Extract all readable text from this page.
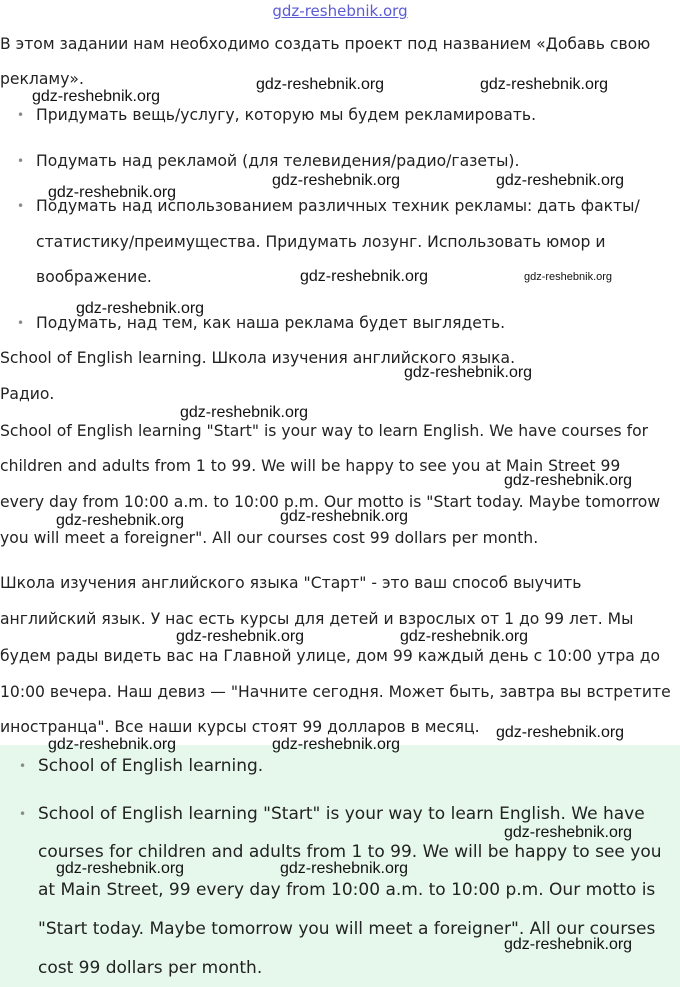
gdz-reshebnik.org
В этом задании нам необходимо создать проект под названием «Добавь свою
рекламу».
• Придумать вещь/услугу, которую мы будем рекламировать.
• Подумать над рекламой (для телевидения/радио/газеты).
• Подумать над использованием различных техник рекламы: дать факты/
статистику/преимущества. Придумать лозунг. Использовать юмор и
воображение.
• Подумать, над тем, как наша реклама будет выглядеть.
School of English learning. Школа изучения английского языка.
Радио.
School of English learning "Start" is your way to learn English. We have courses for
children and adults from 1 to 99. We will be happy to see you at Main Street 99
every day from 10:00 a.m. to 10:00 p.m. Our motto is "Start today. Maybe tomorrow
you will meet a foreigner". All our courses cost 99 dollars per month.
Школа изучения английского языка "Старт" - это ваш способ выучить
английский язык. У нас есть курсы для детей и взрослых от 1 до 99 лет. Мы
будем рады видеть вас на Главной улице, дом 99 каждый день с 10:00 утра до
10:00 вечера. Наш девиз — "Начните сегодня. Может быть, завтра вы встретите
иностранца". Все наши курсы стоят 99 долларов в месяц.
• School of English learning.
• School of English learning "Start" is your way to learn English. We have
courses for children and adults from 1 to 99. We will be happy to see you
at Main Street, 99 every day from 10:00 a.m. to 10:00 p.m. Our motto is
"Start today. Maybe tomorrow you will meet a foreigner". All our courses
cost 99 dollars per month.
gdz-reshebnik.org	gdz-reshebnik.org
gdz-reshebnik.org
gdz-reshebnik.org	gdz-reshebnik.org
gdz-reshebnik.org
gdz-reshebnik.org	gdz-reshebnik.org
gdz-reshebnik.org
gdz-reshebnik.org
gdz-reshebnik.org
gdz-reshebnik.org
gdz-reshebnik.org	gdz-reshebnik.org
gdz-reshebnik.org	gdz-reshebnik.org
gdz-reshebnik.org
gdz-reshebnik.org	gdz-reshebnik.org
gdz-reshebnik.org
gdz-reshebnik.org	gdz-reshebnik.org
gdz-reshebnik.org
